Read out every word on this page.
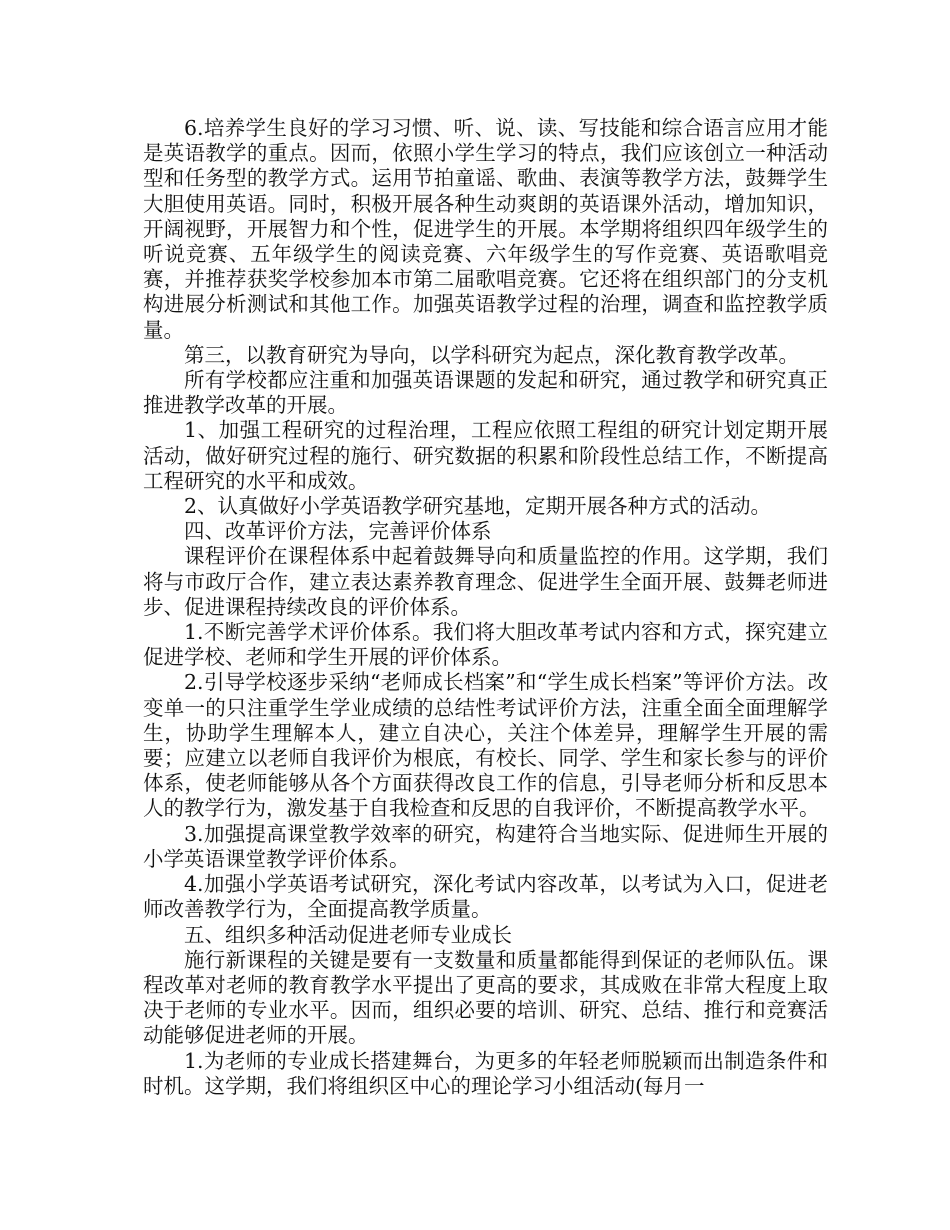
6.培养学生良好的学习习惯、听、说、读、写技能和综合语言应用才能是英语教学的重点。因而，依照小学生学习的特点，我们应该创立一种活动型和任务型的教学方式。运用节拍童谣、歌曲、表演等教学方法，鼓舞学生大胆使用英语。同时，积极开展各种生动爽朗的英语课外活动，增加知识，开阔视野，开展智力和个性，促进学生的开展。本学期将组织四年级学生的听说竞赛、五年级学生的阅读竞赛、六年级学生的写作竞赛、英语歌唱竞赛，并推荐获奖学校参加本市第二届歌唱竞赛。它还将在组织部门的分支机构进展分析测试和其他工作。加强英语教学过程的治理，调查和监控教学质量。

第三，以教育研究为导向，以学科研究为起点，深化教育教学改革。

所有学校都应注重和加强英语课题的发起和研究，通过教学和研究真正推进教学改革的开展。

1、加强工程研究的过程治理，工程应依照工程组的研究计划定期开展活动，做好研究过程的施行、研究数据的积累和阶段性总结工作，不断提高工程研究的水平和成效。

2、认真做好小学英语教学研究基地，定期开展各种方式的活动。

四、改革评价方法，完善评价体系

课程评价在课程体系中起着鼓舞导向和质量监控的作用。这学期，我们将与市政厅合作，建立表达素养教育理念、促进学生全面开展、鼓舞老师进步、促进课程持续改良的评价体系。

1.不断完善学术评价体系。我们将大胆改革考试内容和方式，探究建立促进学校、老师和学生开展的评价体系。

2.引导学校逐步采纳“老师成长档案”和“学生成长档案”等评价方法。改变单一的只注重学生学业成绩的总结性考试评价方法，注重全面全面理解学生，协助学生理解本人，建立自决心，关注个体差异，理解学生开展的需要；应建立以老师自我评价为根底，有校长、同学、学生和家长参与的评价体系，使老师能够从各个方面获得改良工作的信息，引导老师分析和反思本人的教学行为，激发基于自我检查和反思的自我评价，不断提高教学水平。

3.加强提高课堂教学效率的研究，构建符合当地实际、促进师生开展的小学英语课堂教学评价体系。

4.加强小学英语考试研究，深化考试内容改革，以考试为入口，促进老师改善教学行为，全面提高教学质量。

五、组织多种活动促进老师专业成长

施行新课程的关键是要有一支数量和质量都能得到保证的老师队伍。课程改革对老师的教育教学水平提出了更高的要求，其成败在非常大程度上取决于老师的专业水平。因而，组织必要的培训、研究、总结、推行和竞赛活动能够促进老师的开展。

1.为老师的专业成长搭建舞台，为更多的年轻老师脱颖而出制造条件和时机。这学期，我们将组织区中心的理论学习小组活动(每月一
